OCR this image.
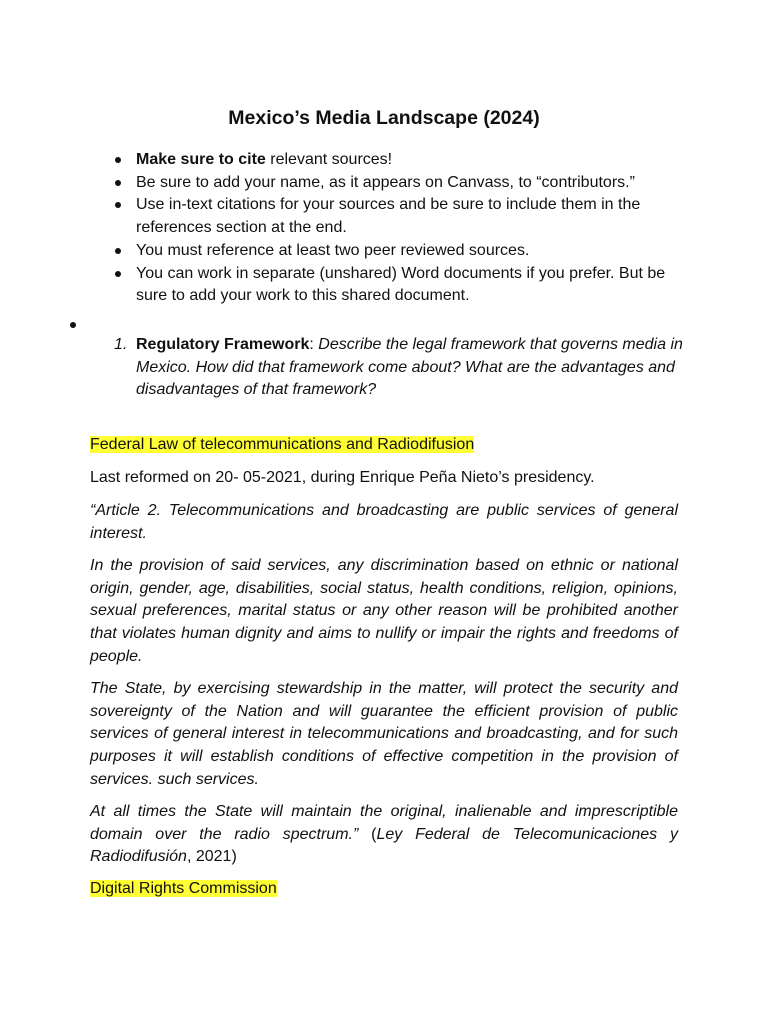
Mexico’s Media Landscape (2024)
Make sure to cite relevant sources!
Be sure to add your name, as it appears on Canvass, to “contributors.”
Use in-text citations for your sources and be sure to include them in the references section at the end.
You must reference at least two peer reviewed sources.
You can work in separate (unshared) Word documents if you prefer. But be sure to add your work to this shared document.

1. Regulatory Framework: Describe the legal framework that governs media in Mexico. How did that framework come about? What are the advantages and disadvantages of that framework?

Federal Law of telecommunications and Radiodifusion

Last reformed on 20- 05-2021, during Enrique Peña Nieto’s presidency.

“Article 2. Telecommunications and broadcasting are public services of general interest.

In the provision of said services, any discrimination based on ethnic or national origin, gender, age, disabilities, social status, health conditions, religion, opinions, sexual preferences, marital status or any other reason will be prohibited another that violates human dignity and aims to nullify or impair the rights and freedoms of people.

The State, by exercising stewardship in the matter, will protect the security and sovereignty of the Nation and will guarantee the efficient provision of public services of general interest in telecommunications and broadcasting, and for such purposes it will establish conditions of effective competition in the provision of services. such services.

At all times the State will maintain the original, inalienable and imprescriptible domain over the radio spectrum.” (Ley Federal de Telecomunicaciones y Radiodifusión, 2021)

Digital Rights Commission
